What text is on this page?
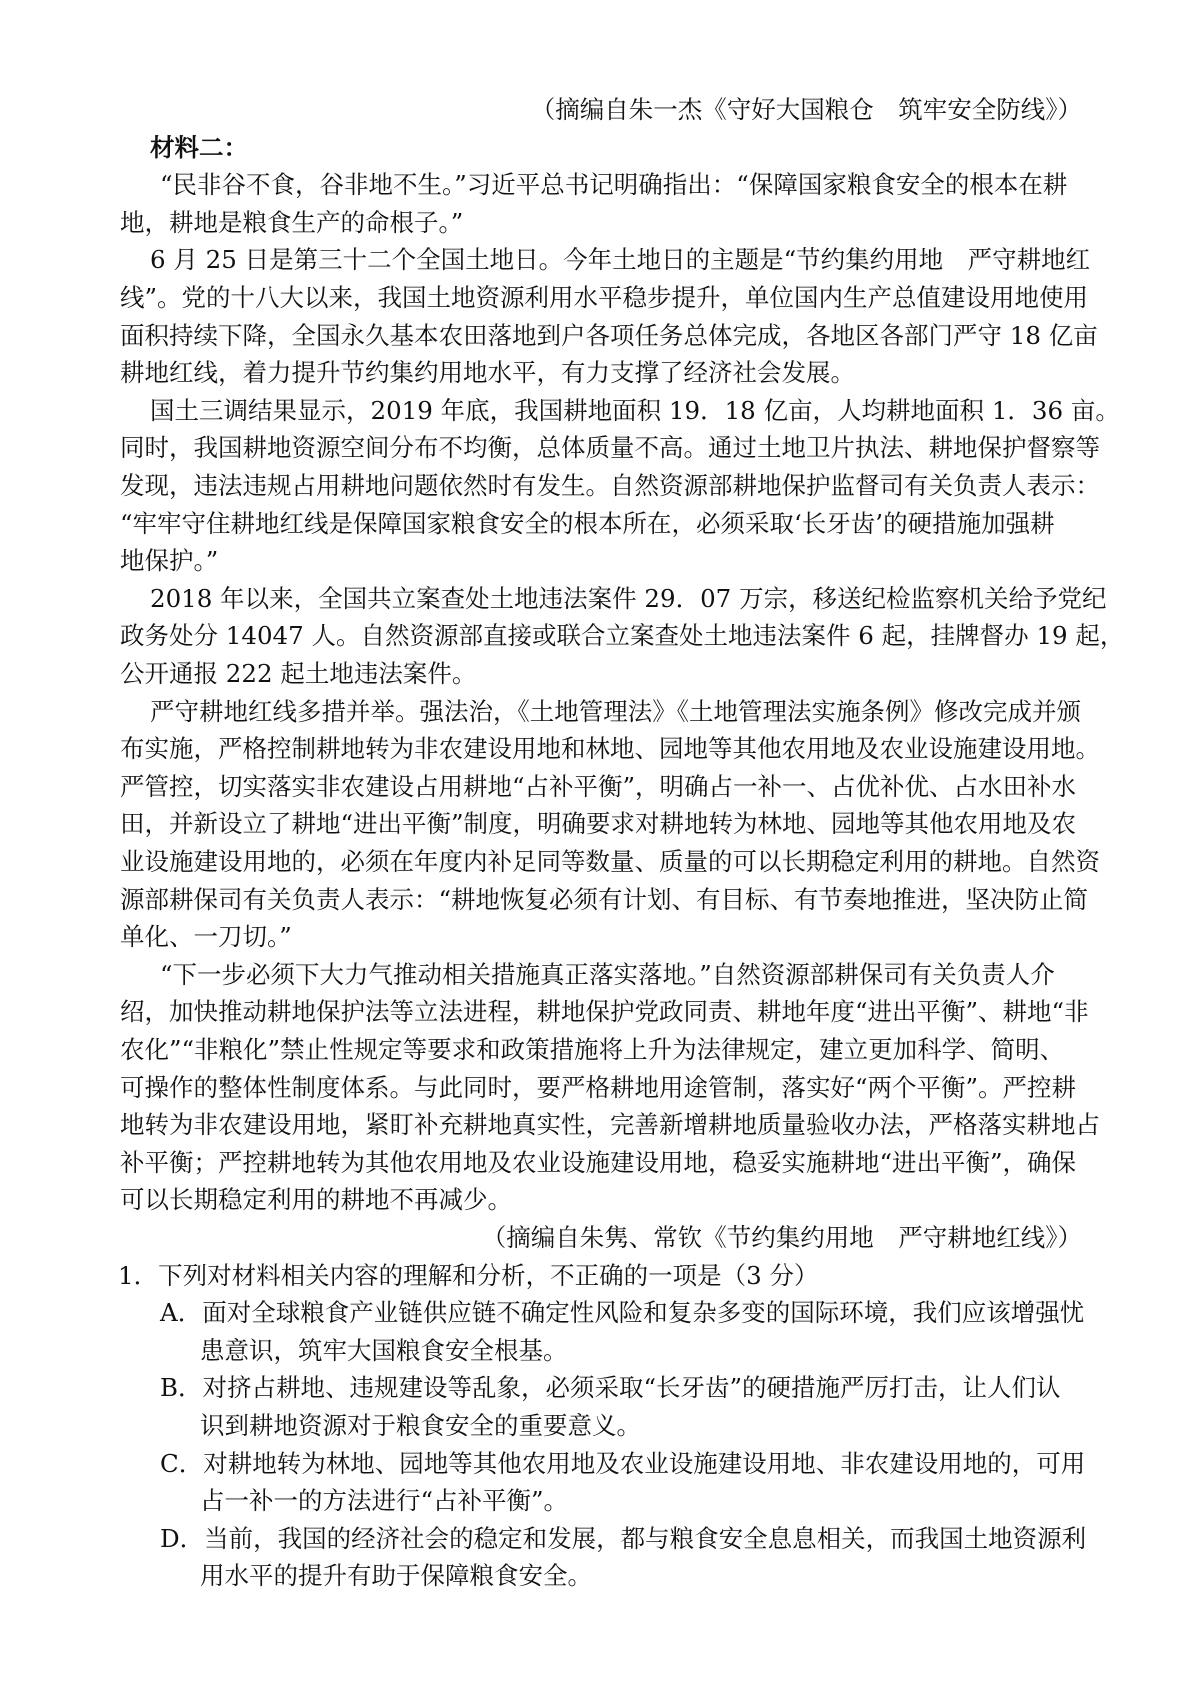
（摘编自朱一杰《守好大国粮仓　筑牢安全防线》）
材料二：
“民非谷不食，谷非地不生。”习近平总书记明确指出：“保障国家粮食安全的根本在耕
地，耕地是粮食生产的命根子。”
6 月 25 日是第三十二个全国土地日。今年土地日的主题是“节约集约用地　严守耕地红
线”。党的十八大以来，我国土地资源利用水平稳步提升，单位国内生产总值建设用地使用
面积持续下降，全国永久基本农田落地到户各项任务总体完成，各地区各部门严守 18 亿亩
耕地红线，着力提升节约集约用地水平，有力支撑了经济社会发展。
国土三调结果显示，2019 年底，我国耕地面积 19．18 亿亩，人均耕地面积 1．36 亩。
同时，我国耕地资源空间分布不均衡，总体质量不高。通过土地卫片执法、耕地保护督察等
发现，违法违规占用耕地问题依然时有发生。自然资源部耕地保护监督司有关负责人表示：
“牢牢守住耕地红线是保障国家粮食安全的根本所在，必须采取‘长牙齿’的硬措施加强耕
地保护。”
2018 年以来，全国共立案查处土地违法案件 29．07 万宗，移送纪检监察机关给予党纪
政务处分 14047 人。自然资源部直接或联合立案查处土地违法案件 6 起，挂牌督办 19 起，
公开通报 222 起土地违法案件。
严守耕地红线多措并举。强法治，《土地管理法》《土地管理法实施条例》修改完成并颁
布实施，严格控制耕地转为非农建设用地和林地、园地等其他农用地及农业设施建设用地。
严管控，切实落实非农建设占用耕地“占补平衡”，明确占一补一、占优补优、占水田补水
田，并新设立了耕地“进出平衡”制度，明确要求对耕地转为林地、园地等其他农用地及农
业设施建设用地的，必须在年度内补足同等数量、质量的可以长期稳定利用的耕地。自然资
源部耕保司有关负责人表示：“耕地恢复必须有计划、有目标、有节奏地推进，坚决防止简
单化、一刀切。”
“下一步必须下大力气推动相关措施真正落实落地。”自然资源部耕保司有关负责人介
绍，加快推动耕地保护法等立法进程，耕地保护党政同责、耕地年度“进出平衡”、耕地“非
农化”“非粮化”禁止性规定等要求和政策措施将上升为法律规定，建立更加科学、简明、
可操作的整体性制度体系。与此同时，要严格耕地用途管制，落实好“两个平衡”。严控耕
地转为非农建设用地，紧盯补充耕地真实性，完善新增耕地质量验收办法，严格落实耕地占
补平衡；严控耕地转为其他农用地及农业设施建设用地，稳妥实施耕地“进出平衡”，确保
可以长期稳定利用的耕地不再减少。
（摘编自朱隽、常钦《节约集约用地　严守耕地红线》）
1．下列对材料相关内容的理解和分析，不正确的一项是（3 分）
A．面对全球粮食产业链供应链不确定性风险和复杂多变的国际环境，我们应该增强忧
患意识，筑牢大国粮食安全根基。
B．对挤占耕地、违规建设等乱象，必须采取“长牙齿”的硬措施严厉打击，让人们认
识到耕地资源对于粮食安全的重要意义。
C．对耕地转为林地、园地等其他农用地及农业设施建设用地、非农建设用地的，可用
占一补一的方法进行“占补平衡”。
D．当前，我国的经济社会的稳定和发展，都与粮食安全息息相关，而我国土地资源利
用水平的提升有助于保障粮食安全。
